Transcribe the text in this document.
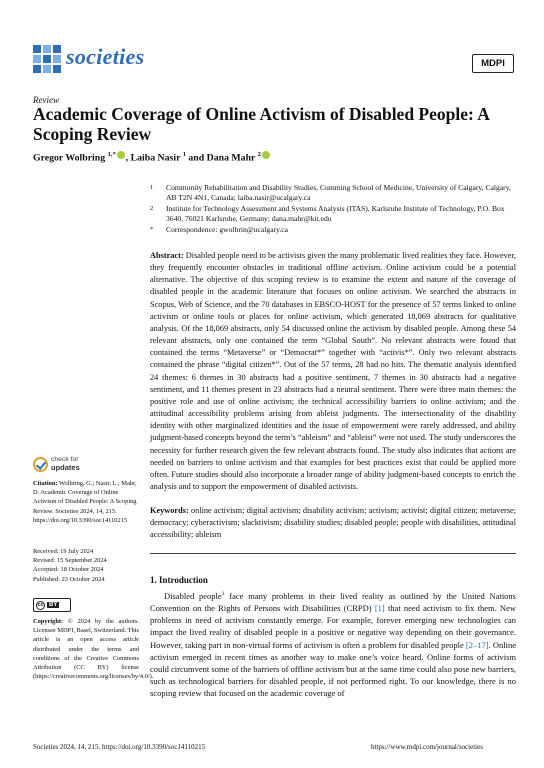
societies	MDPI
Review
Academic Coverage of Online Activism of Disabled People: A Scoping Review
Gregor Wolbring $^{1,*}$ , Laiba Nasir $^1$ and Dana Mahr $^2$
1 Community Rehabilitation and Disability Studies, Cumming School of Medicine, University of Calgary, Calgary, AB T2N 4N1, Canada; laiba.nasir@ucalgary.ca
2 Institute for Technology Assessment and Systems Analysis (ITAS), Karlsruhe Institute of Technology, P.O. Box 3640, 76021 Karlsruhe, Germany; dana.mahr@kit.edu
* Correspondence: gwolbrin@ucalgary.ca
Abstract: Disabled people need to be activists given the many problematic lived realities they face. However, they frequently encounter obstacles in traditional offline activism. Online activism could be a potential alternative. The objective of this scoping review is to examine the extent and nature of the coverage of disabled people in the academic literature that focuses on online activism. We searched the abstracts in Scopus, Web of Science, and the 70 databases in EBSCO-HOST for the presence of 57 terms linked to online activism or online tools or places for online activism, which generated 18,069 abstracts for qualitative analysis. Of the 18,069 abstracts, only 54 discussed online the activism by disabled people. Among these 54 relevant abstracts, only one contained the term “Global South”. No relevant abstracts were found that contained the terms “Metaverse” or “Democrat*” together with “activis*”. Only two relevant abstracts contained the phrase “digital citizen*”. Out of the 57 terms, 28 had no hits. The thematic analysis identified 24 themes: 6 themes in 30 abstracts had a positive sentiment, 7 themes in 30 abstracts had a negative sentiment, and 11 themes present in 23 abstracts had a neutral sentiment. There were three main themes: the positive role and use of online activism; the technical accessibility barriers to online activism; and the attitudinal accessibility problems arising from ableist judgments. The intersectionality of the disability identity with other marginalized identities and the issue of empowerment were rarely addressed, and ability judgment-based concepts beyond the term’s “ableism” and “ableist” were not used. The study underscores the necessity for further research given the few relevant abstracts found. The study also indicates that actions are needed on barriers to online activism and that examples for best practices exist that could be applied more often. Future studies should also incorporate a broader range of ability judgment-based concepts to enrich the analysis and to support the empowerment of disabled activists.
Keywords: online activism; digital activism; disability activism; activism; activist; digital citizen; metaverse; democracy; cyberactivism; slacktivism; disability studies; disabled people; people with disabilities, attitudinal accessibility; ableism
check for
updates
Citation: Wolbring, G.; Nasir, L.; Mahr, D. Academic Coverage of Online Activism of Disabled People: A Scoping Review. Societies 2024, 14, 215. https://doi.org/10.3390/soc14110215
Received: 19 July 2024
Revised: 15 September 2024
Accepted: 18 October 2024
Published: 23 October 2024
cc BY
Copyright: © 2024 by the authors. Licensee MDPI, Basel, Switzerland. This article is an open access article distributed under the terms and conditions of the Creative Commons Attribution (CC BY) license (https://creativecommons.org/licenses/by/4.0/).
1. Introduction
Disabled people$^1$ face many problems in their lived reality as outlined by the United Nations Convention on the Rights of Persons with Disabilities (CRPD) [1] that need activism to fix them. New problems in need of activism constantly emerge. For example, forever emerging new technologies can impact the lived reality of disabled people in a positive or negative way depending on their governance. However, taking part in non-virtual forms of activism is often a problem for disabled people [2–17]. Online activism emerged in recent times as another way to make one’s voice heard. Online forms of activism could circumvent some of the barriers of offline activism but at the same time could also pose new barriers, such as technological barriers for disabled people, if not performed right. To our knowledge, there is no scoping review that focused on the academic coverage of
Societies 2024, 14, 215. https://doi.org/10.3390/soc14110215	https://www.mdpi.com/journal/societies
